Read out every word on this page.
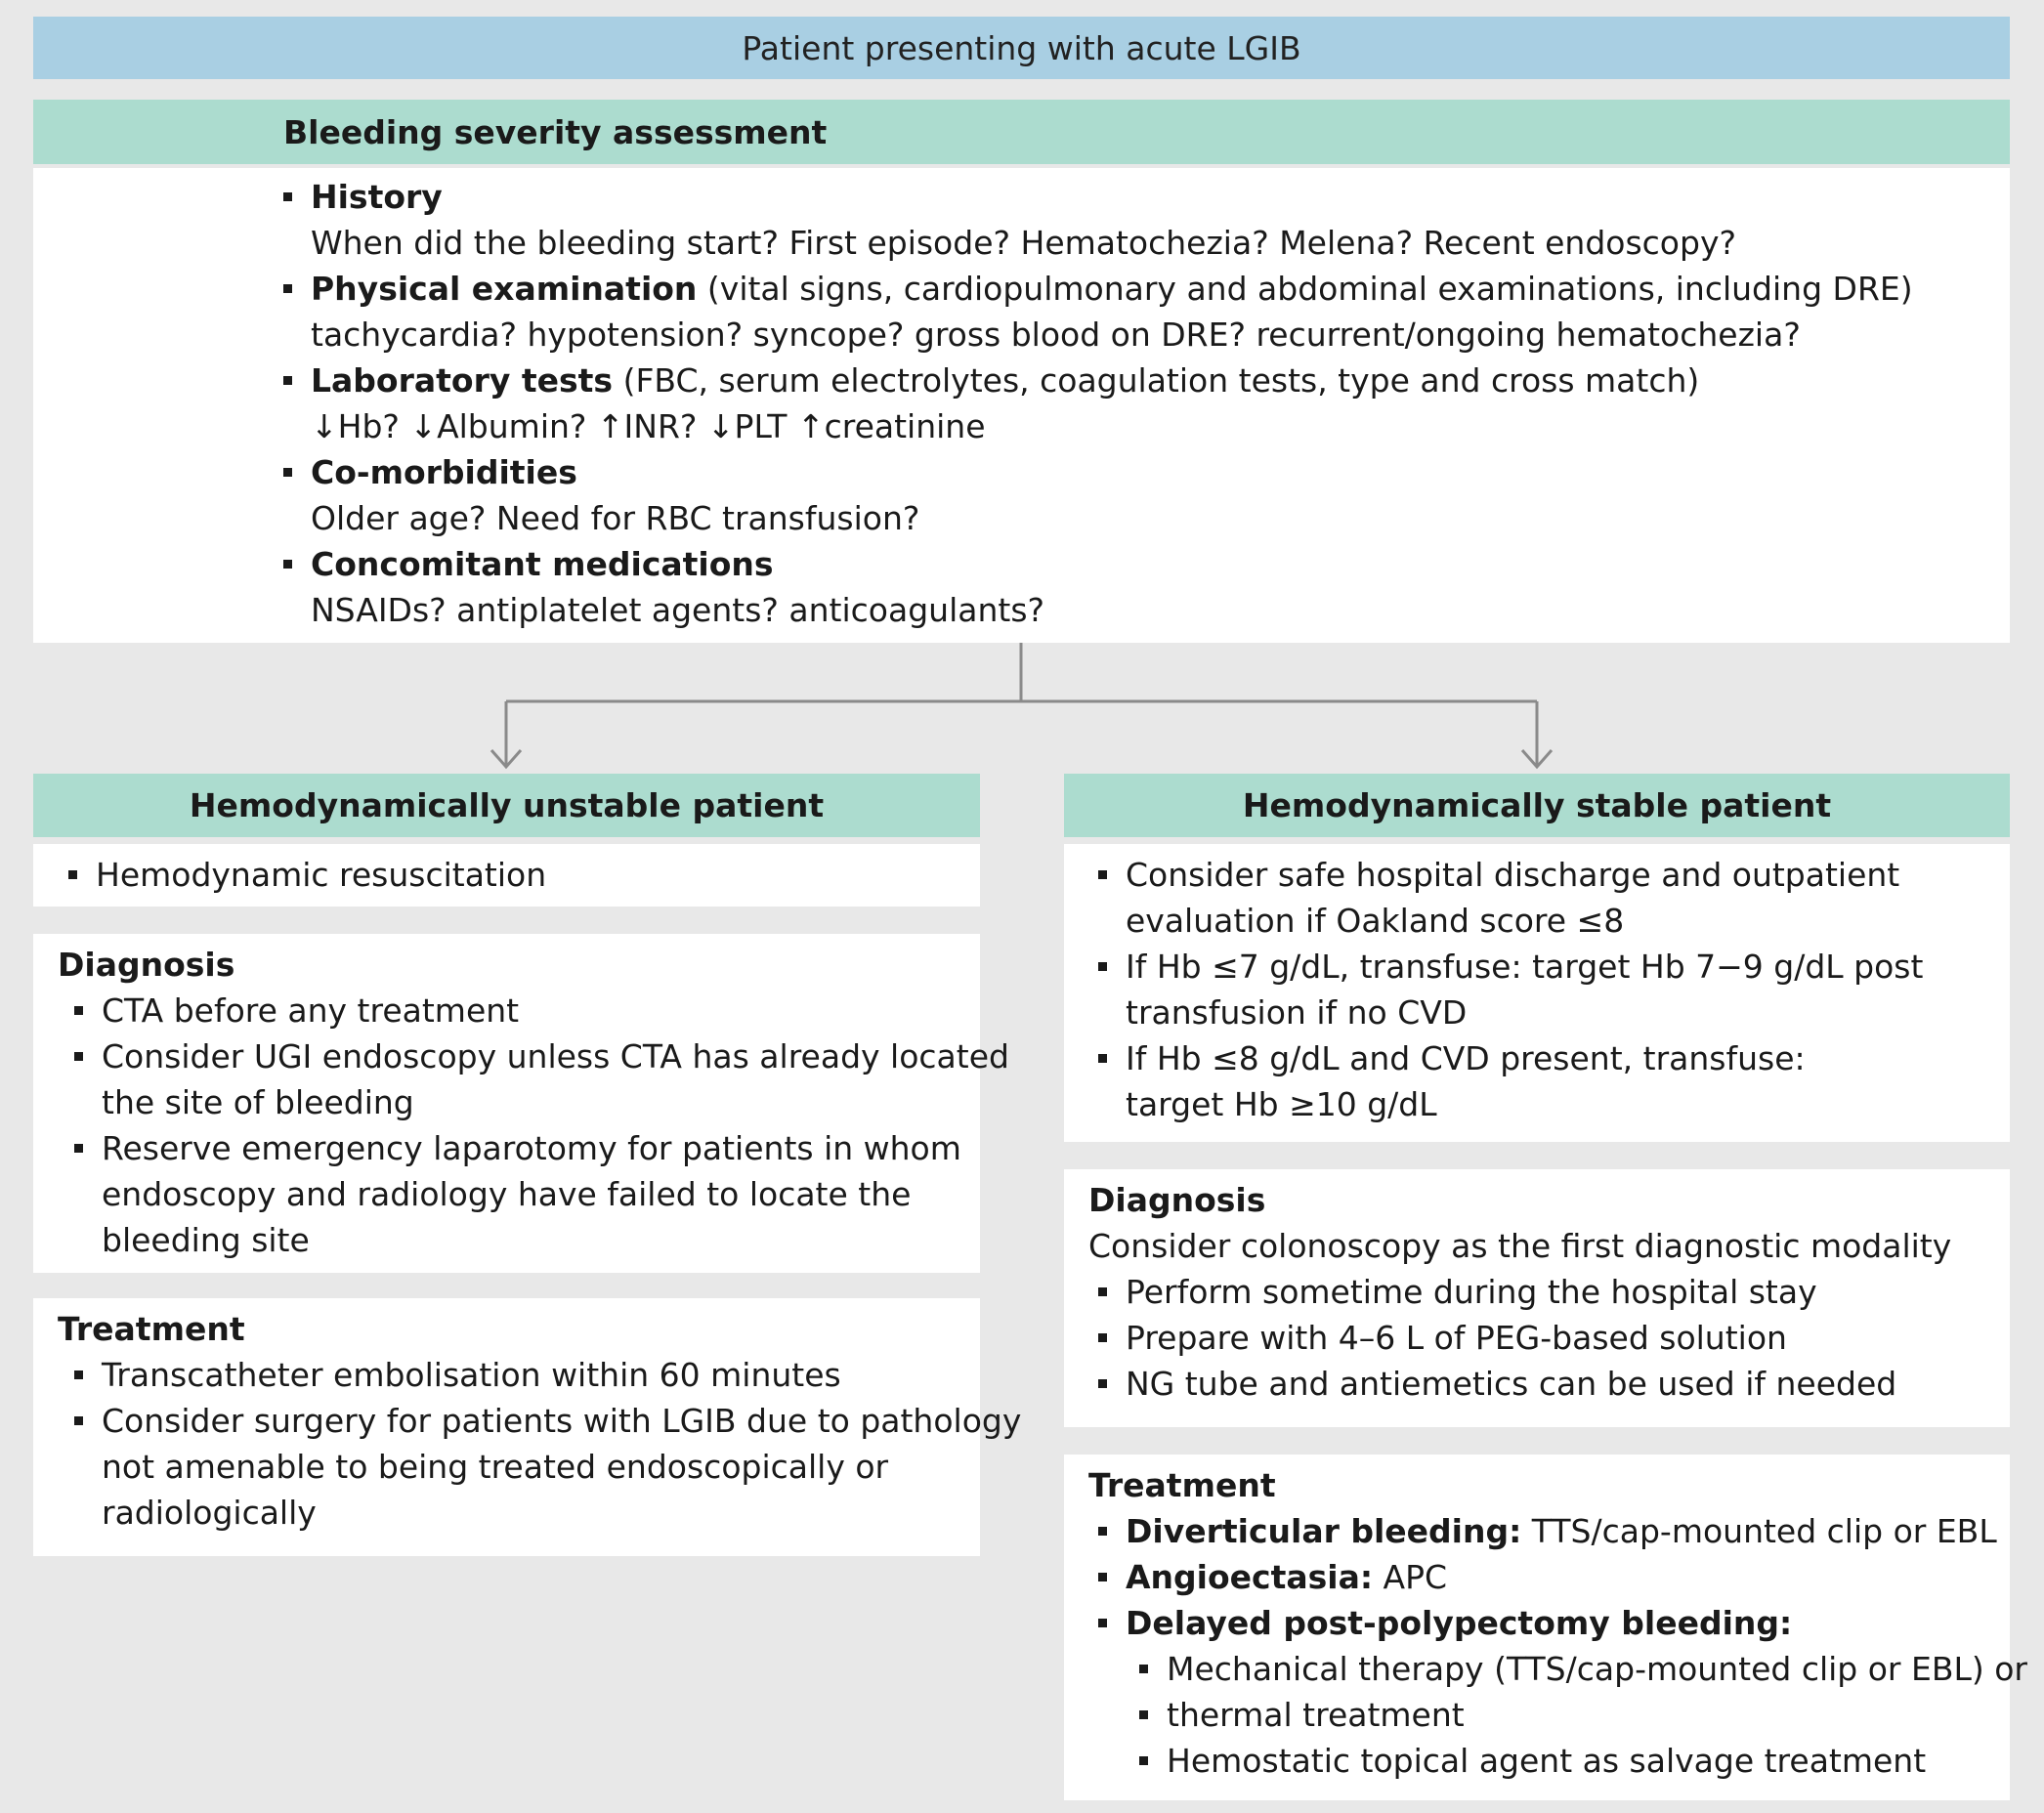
Patient presenting with acute LGIB
Bleeding severity assessment
History
When did the bleeding start? First episode? Hematochezia? Melena? Recent endoscopy?
Physical examination (vital signs, cardiopulmonary and abdominal examinations, including DRE)
tachycardia? hypotension? syncope? gross blood on DRE? recurrent/ongoing hematochezia?
Laboratory tests (FBC, serum electrolytes, coagulation tests, type and cross match)
↓Hb? ↓Albumin? ↑INR? ↓PLT ↑creatinine
Co-morbidities
Older age? Need for RBC transfusion?
Concomitant medications
NSAIDs? antiplatelet agents? anticoagulants?
Hemodynamically unstable patient
Hemodynamic resuscitation
Diagnosis
CTA before any treatment
Consider UGI endoscopy unless CTA has already located
the site of bleeding
Reserve emergency laparotomy for patients in whom
endoscopy and radiology have failed to locate the
bleeding site
Treatment
Transcatheter embolisation within 60 minutes
Consider surgery for patients with LGIB due to pathology
not amenable to being treated endoscopically or
radiologically
Hemodynamically stable patient
Consider safe hospital discharge and outpatient
evaluation if Oakland score ≤8
If Hb ≤7 g/dL, transfuse: target Hb 7−9 g/dL post
transfusion if no CVD
If Hb ≤8 g/dL and CVD present, transfuse:
target Hb ≥10 g/dL
Diagnosis
Consider colonoscopy as the first diagnostic modality
Perform sometime during the hospital stay
Prepare with 4–6 L of PEG-based solution
NG tube and antiemetics can be used if needed
Treatment
Diverticular bleeding: TTS/cap-mounted clip or EBL
Angioectasia: APC
Delayed post-polypectomy bleeding:
Mechanical therapy (TTS/cap-mounted clip or EBL) or
thermal treatment
Hemostatic topical agent as salvage treatment
